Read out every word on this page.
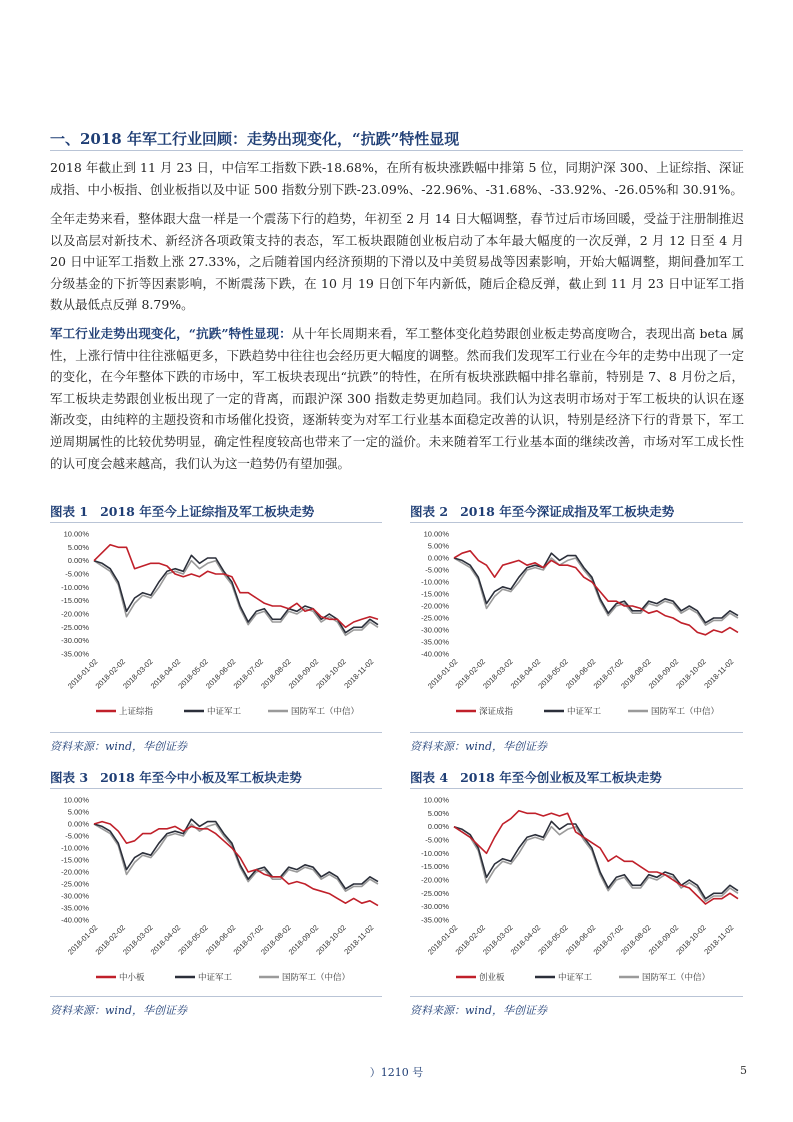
一、2018 年军工行业回顾：走势出现变化，“抗跌”特性显现
2018 年截止到 11 月 23 日，中信军工指数下跌-18.68%，在所有板块涨跌幅中排第 5 位，同期沪深 300、上证综指、深证成指、中小板指、创业板指以及中证 500 指数分别下跌-23.09%、-22.96%、-31.68%、-33.92%、-26.05%和 30.91%。
全年走势来看，整体跟大盘一样是一个震荡下行的趋势，年初至 2 月 14 日大幅调整，春节过后市场回暖，受益于注册制推迟以及高层对新技术、新经济各项政策支持的表态，军工板块跟随创业板启动了本年最大幅度的一次反弹，2 月 12 日至 4 月 20 日中证军工指数上涨 27.33%，之后随着国内经济预期的下滑以及中美贸易战等因素影响，开始大幅调整，期间叠加军工分级基金的下折等因素影响，不断震荡下跌，在 10 月 19 日创下年内新低，随后企稳反弹，截止到 11 月 23 日中证军工指数从最低点反弹 8.79%。
军工行业走势出现变化，“抗跌”特性显现：从十年长周期来看，军工整体变化趋势跟创业板走势高度吻合，表现出高 beta 属性，上涨行情中往往涨幅更多，下跌趋势中往往也会经历更大幅度的调整。然而我们发现军工行业在今年的走势中出现了一定的变化，在今年整体下跌的市场中，军工板块表现出“抗跌”的特性，在所有板块涨跌幅中排名靠前，特别是 7、8 月份之后，军工板块走势跟创业板出现了一定的背离，而跟沪深 300 指数走势更加趋同。我们认为这表明市场对于军工板块的认识在逐渐改变，由纯粹的主题投资和市场催化投资，逐渐转变为对军工行业基本面稳定改善的认识，特别是经济下行的背景下，军工逆周期属性的比较优势明显，确定性程度较高也带来了一定的溢价。未来随着军工行业基本面的继续改善，市场对军工成长性的认可度会越来越高，我们认为这一趋势仍有望加强。
图表 1 2018 年至今上证综指及军工板块走势
10.00%
5.00%
0.00%
-5.00%
-10.00%
-15.00%
-20.00%
-25.00%
-30.00%
-35.00%
2018-01-02
2018-02-02
2018-03-02
2018-04-02
2018-05-02
2018-06-02
2018-07-02
2018-08-02
2018-09-02
2018-10-02
2018-11-02
上证综指	中证军工	国防军工（中信）
资料来源：wind，华创证券
图表 2 2018 年至今深证成指及军工板块走势
10.00%
5.00%
0.00%
-5.00%
-10.00%
-15.00%
-20.00%
-25.00%
-30.00%
-35.00%
-40.00%
2018-01-02
2018-02-02
2018-03-02
2018-04-02
2018-05-02
2018-06-02
2018-07-02
2018-08-02
2018-09-02
2018-10-02
2018-11-02
深证成指	中证军工	国防军工（中信）
资料来源：wind，华创证券
图表 3 2018 年至今中小板及军工板块走势
10.00%
5.00%
0.00%
-5.00%
-10.00%
-15.00%
-20.00%
-25.00%
-30.00%
-35.00%
-40.00%
2018-01-02
2018-02-02
2018-03-02
2018-04-02
2018-05-02
2018-06-02
2018-07-02
2018-08-02
2018-09-02
2018-10-02
2018-11-02
中小板	中证军工	国防军工（中信）
资料来源：wind，华创证券
图表 4 2018 年至今创业板及军工板块走势
10.00%
5.00%
0.00%
-5.00%
-10.00%
-15.00%
-20.00%
-25.00%
-30.00%
-35.00%
2018-01-02
2018-02-02
2018-03-02
2018-04-02
2018-05-02
2018-06-02
2018-07-02
2018-08-02
2018-09-02
2018-10-02
2018-11-02
创业板	中证军工	国防军工（中信）
资料来源：wind，华创证券
）1210 号	5
